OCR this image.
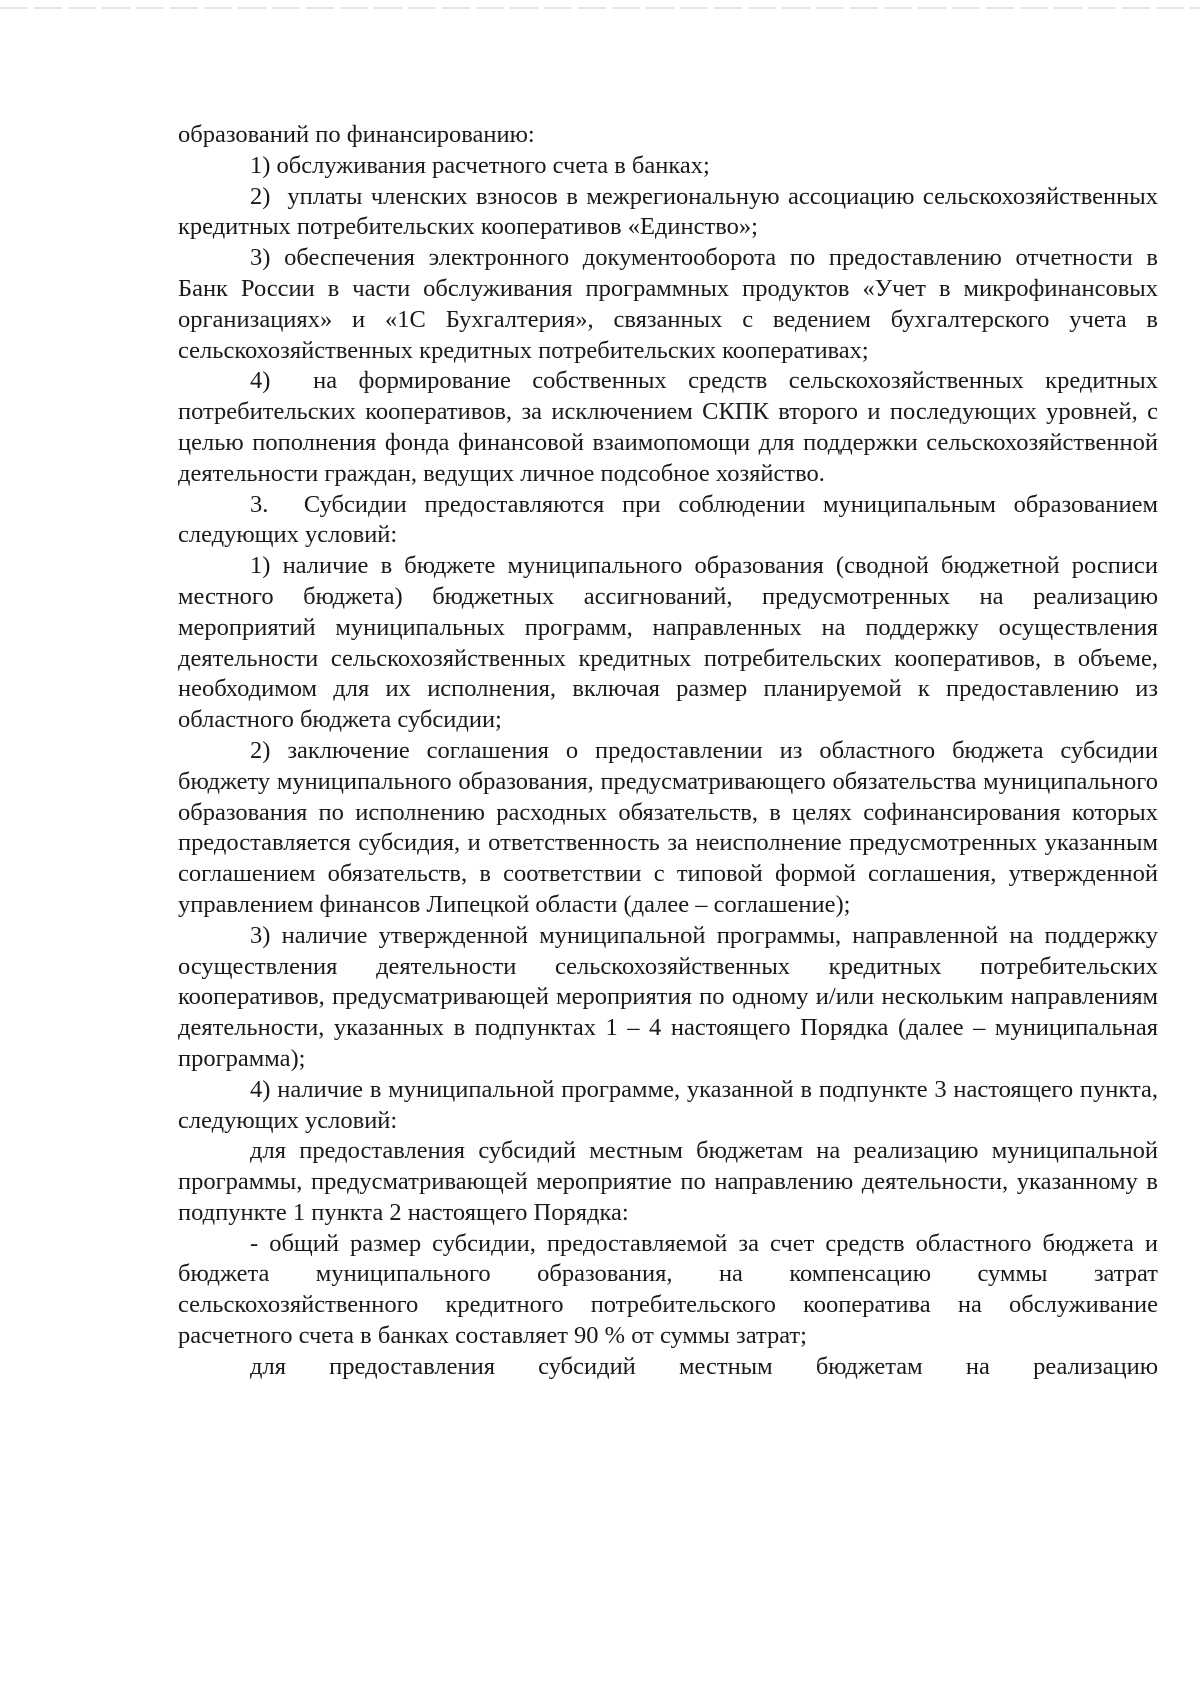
образований по финансированию:

1) обслуживания расчетного счета в банках;

2)  уплаты членских взносов в межрегиональную ассоциацию сельскохозяйственных кредитных потребительских кооперативов «Единство»;

3) обеспечения электронного документооборота по предоставлению отчетности в Банк России в части обслуживания программных продуктов «Учет в микрофинансовых организациях» и «1С Бухгалтерия», связанных с ведением бухгалтерского учета в сельскохозяйственных кредитных потребительских кооперативах;

4)  на формирование собственных средств сельскохозяйственных кредитных потребительских кооперативов, за исключением СКПК второго и последующих уровней, с целью пополнения фонда финансовой взаимопомощи для поддержки сельскохозяйственной деятельности граждан, ведущих личное подсобное хозяйство.

3.  Субсидии предоставляются при соблюдении муниципальным образованием следующих условий:

1) наличие в бюджете муниципального образования (сводной бюджетной росписи местного бюджета) бюджетных ассигнований, предусмотренных на реализацию мероприятий муниципальных программ, направленных на поддержку осуществления деятельности сельскохозяйственных кредитных потребительских кооперативов, в объеме, необходимом для их исполнения, включая размер планируемой к предоставлению из областного бюджета субсидии;

2) заключение соглашения о предоставлении из областного бюджета субсидии бюджету муниципального образования, предусматривающего обязательства муниципального образования по исполнению расходных обязательств, в целях софинансирования которых предоставляется субсидия, и ответственность за неисполнение предусмотренных указанным соглашением обязательств, в соответствии с типовой формой соглашения, утвержденной управлением финансов Липецкой области (далее – соглашение);

3) наличие утвержденной муниципальной программы, направленной на поддержку осуществления деятельности сельскохозяйственных кредитных потребительских кооперативов, предусматривающей мероприятия по одному и/или нескольким направлениям деятельности, указанных в подпунктах 1 – 4 настоящего Порядка (далее – муниципальная программа);

4) наличие в муниципальной программе, указанной в подпункте 3 настоящего пункта, следующих условий:

для предоставления субсидий местным бюджетам на реализацию муниципальной программы, предусматривающей мероприятие по направлению деятельности, указанному в подпункте 1 пункта 2 настоящего Порядка:

- общий размер субсидии, предоставляемой за счет средств областного бюджета и бюджета муниципального образования, на компенсацию суммы затрат сельскохозяйственного кредитного потребительского кооператива на обслуживание расчетного счета в банках составляет 90 % от суммы затрат;

для предоставления субсидий местным бюджетам на реализацию
